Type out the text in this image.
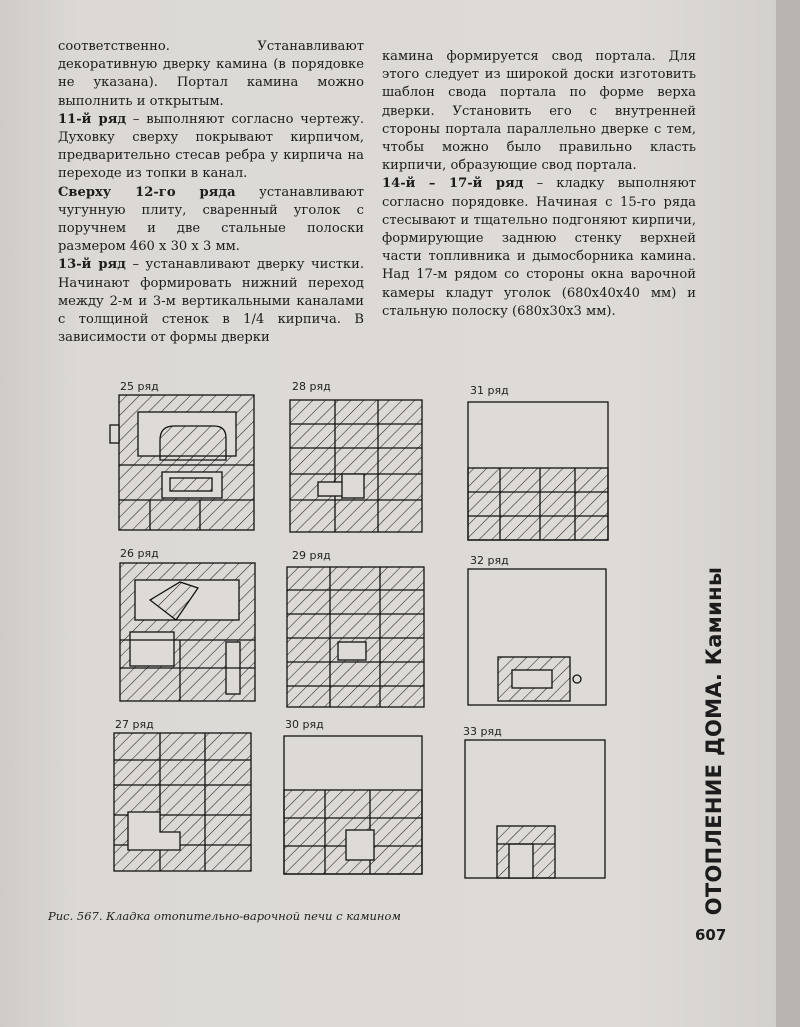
соответственно. Устанавливают декоративную дверку камина (в порядовке не указана). Портал камина можно выполнить и открытым.

11-й ряд – выполняют согласно чертежу. Духовку сверху покрывают кирпичом, предварительно стесав ребра у кирпича на переходе из топки в канал.

Сверху 12-го ряда устанавливают чугунную плиту, сваренный уголок с поручнем и две стальные полоски размером 460 х 30 х 3 мм.

13-й ряд – устанавливают дверку чистки. Начинают формировать нижний переход между 2-м и 3-м вертикальными каналами с толщиной стенок в 1/4 кирпича. В зависимости от формы дверки

камина формируется свод портала. Для этого следует из широкой доски изготовить шаблон свода портала по форме верха дверки. Установить его с внутренней стороны портала параллельно дверке с тем, чтобы можно было правильно класть кирпичи, образующие свод портала.

14-й – 17-й ряд – кладку выполняют согласно порядовке. Начиная с 15-го ряда стесывают и тщательно подгоняют кирпичи, формирующие заднюю стенку верхней части топливника и дымосборника камина. Над 17-м рядом со стороны окна варочной камеры кладут уголок (680х40х40 мм) и стальную полоску (680х30х3 мм).

25 ряд	28 ряд	31 ряд
26 ряд	29 ряд	32 ряд
27 ряд	30 ряд
33 ряд
Рис. 567. Кладка отопительно-варочной печи с камином
ОТОПЛЕНИЕ ДОМА. Камины
607
